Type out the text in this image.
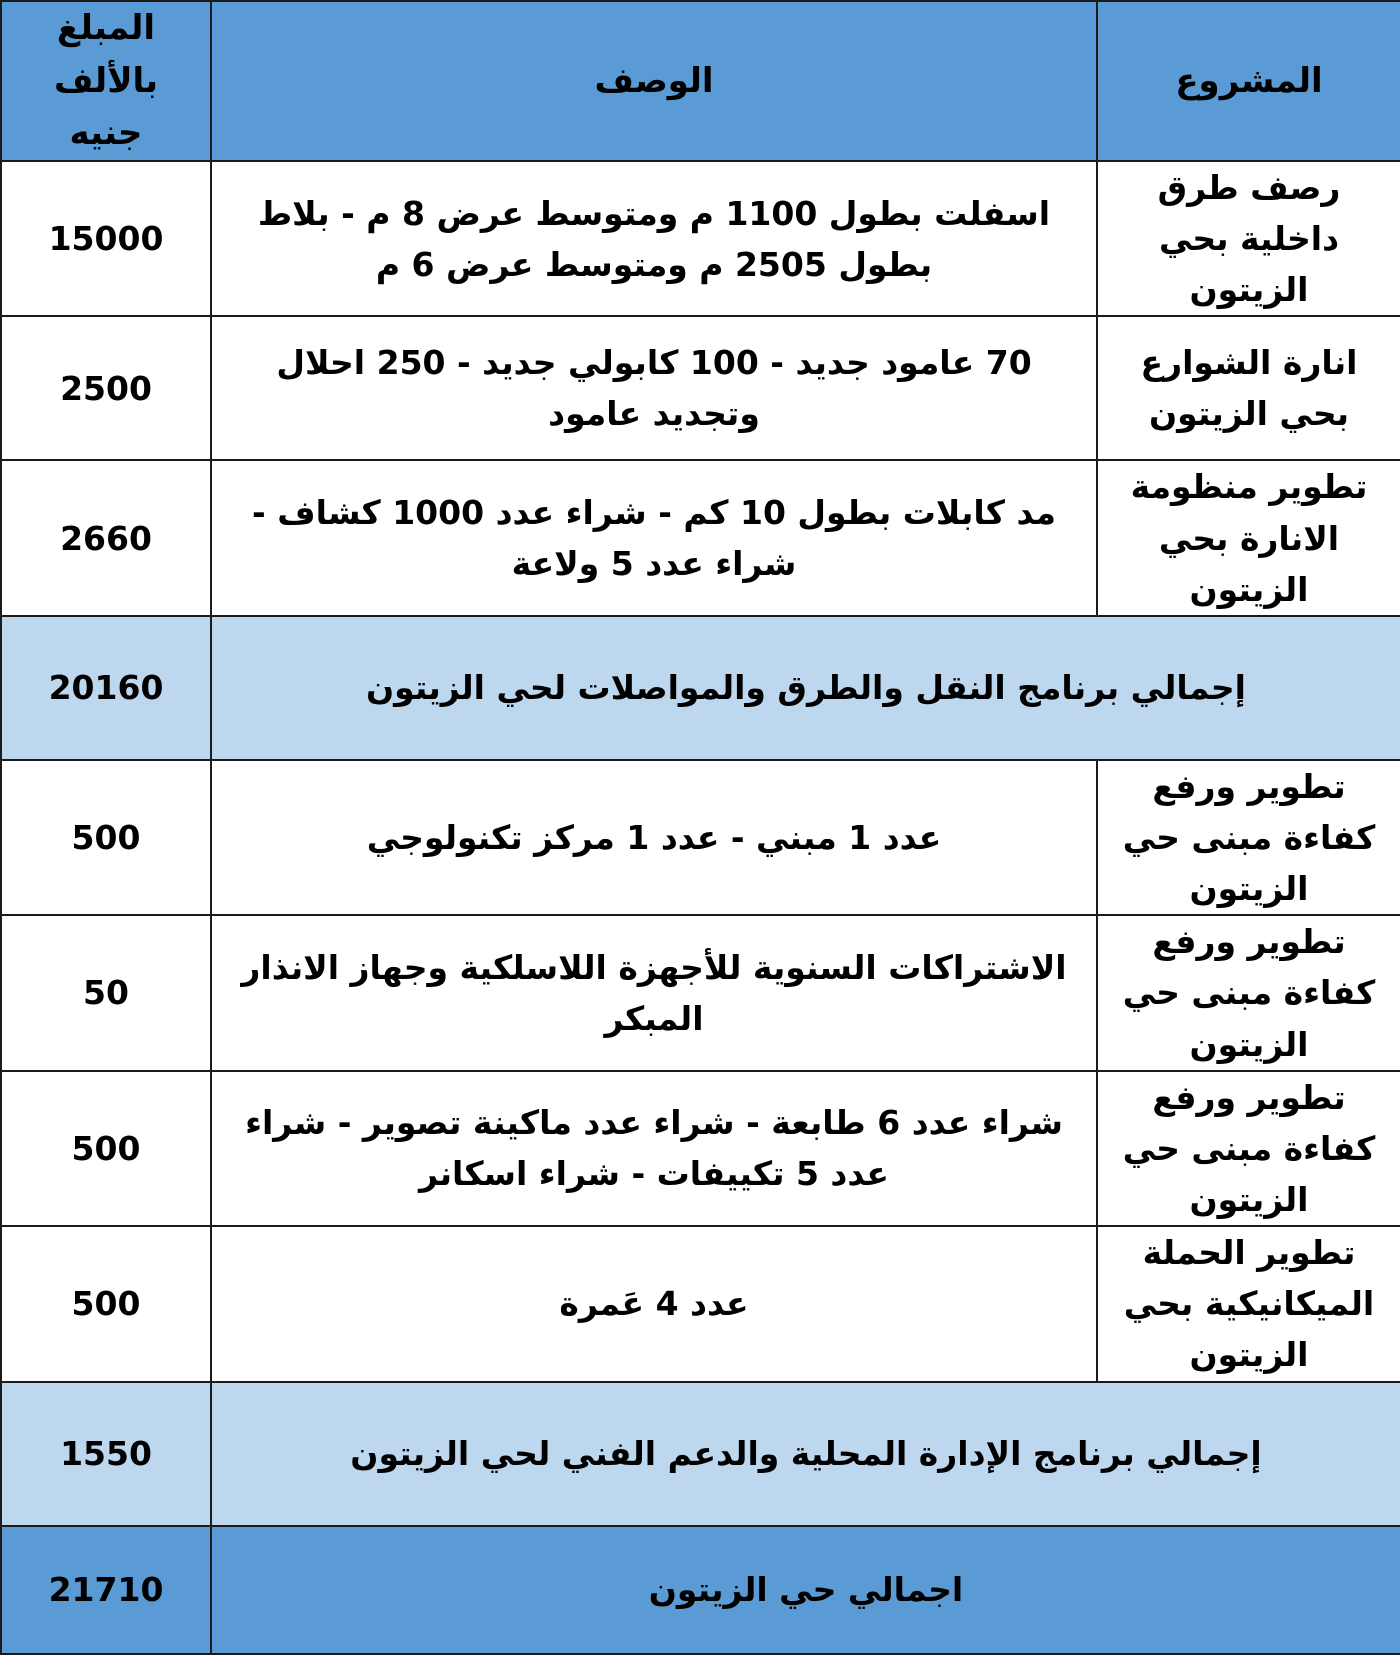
المشروع	الوصف	المبلغ بالألف جنيه
رصف طرق داخلية بحي الزيتون	اسفلت بطول 1100 م ومتوسط عرض 8 م - بلاط بطول 2505 م ومتوسط عرض 6 م	15000
انارة الشوارع بحي الزيتون	70 عامود جديد - 100 كابولي جديد - 250 احلال وتجديد عامود	2500
تطوير منظومة الانارة بحي الزيتون	مد كابلات بطول 10 كم - شراء عدد 1000 كشاف - شراء عدد 5 ولاعة	2660
إجمالي برنامج النقل والطرق والمواصلات لحي الزيتون		20160
تطوير ورفع كفاءة مبنى حي الزيتون	عدد 1 مبني - عدد 1 مركز تكنولوجي	500
تطوير ورفع كفاءة مبنى حي الزيتون	الاشتراكات السنوية للأجهزة اللاسلكية وجهاز الانذار المبكر	50
تطوير ورفع كفاءة مبنى حي الزيتون	شراء عدد 6 طابعة - شراء عدد ماكينة تصوير - شراء عدد 5 تكييفات - شراء اسكانر	500
تطوير الحملة الميكانيكية بحي الزيتون	عدد 4 عَمرة	500
إجمالي برنامج الإدارة المحلية والدعم الفني لحي الزيتون		1550
اجمالي حي الزيتون		21710
